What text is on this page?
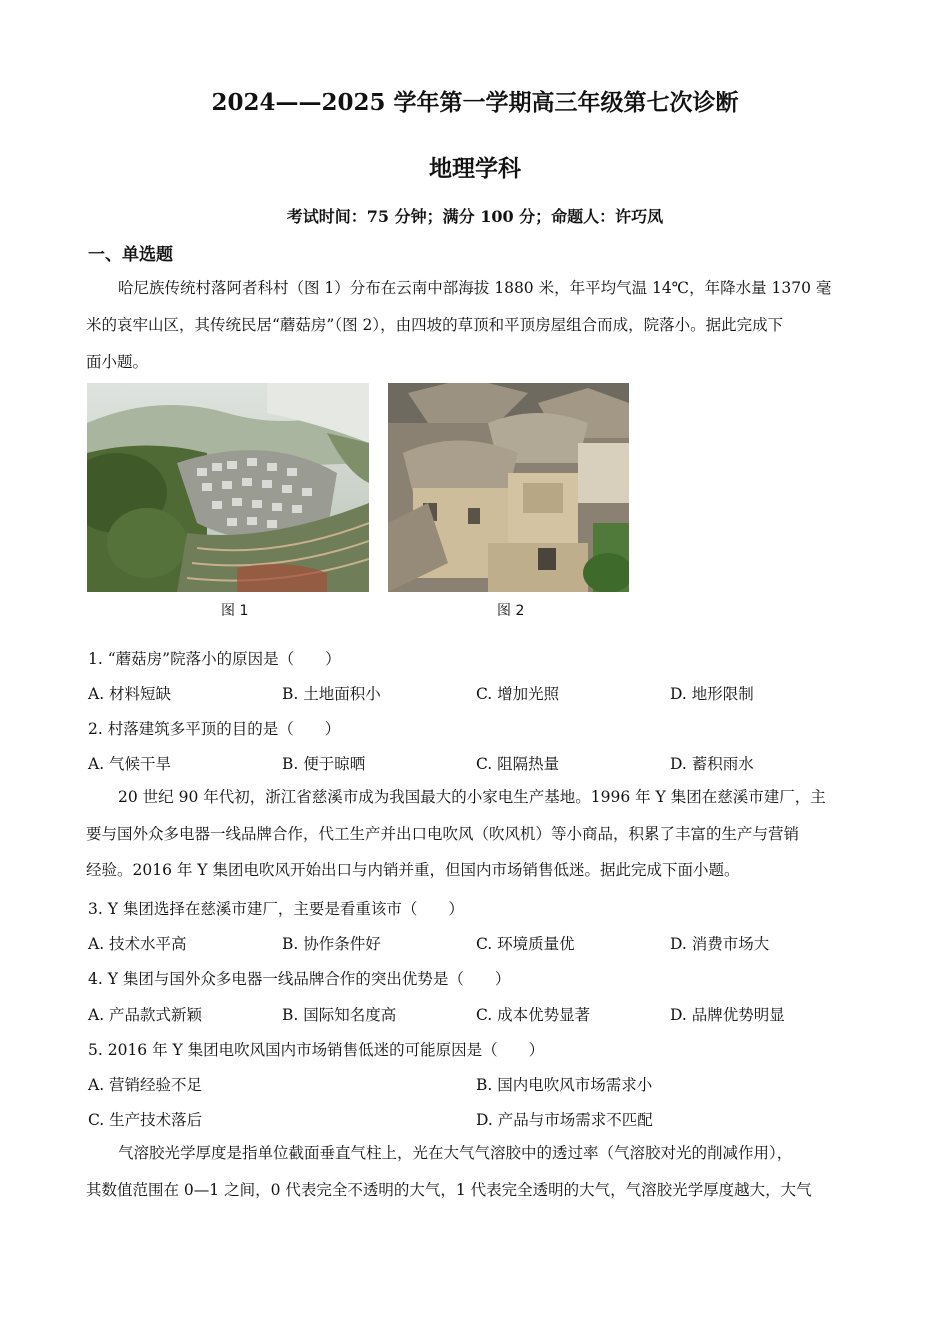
2024——2025 学年第一学期高三年级第七次诊断
地理学科
考试时间：75 分钟；满分 100 分；命题人：许巧凤
一、单选题
哈尼族传统村落阿者科村（图 1）分布在云南中部海拔 1880 米，年平均气温 14℃，年降水量 1370 毫
米的哀牢山区，其传统民居“蘑菇房”（图 2），由四坡的草顶和平顶房屋组合而成，院落小。据此完成下
面小题。
图 1	图 2
1. “蘑菇房”院落小的原因是（　　）
A. 材料短缺	B. 土地面积小	C. 增加光照	D. 地形限制
2. 村落建筑多平顶的目的是（　　）
A. 气候干旱	B. 便于晾晒	C. 阻隔热量	D. 蓄积雨水
20 世纪 90 年代初，浙江省慈溪市成为我国最大的小家电生产基地。1996 年 Y 集团在慈溪市建厂，主
要与国外众多电器一线品牌合作，代工生产并出口电吹风（吹风机）等小商品，积累了丰富的生产与营销
经验。2016 年 Y 集团电吹风开始出口与内销并重，但国内市场销售低迷。据此完成下面小题。
3. Y 集团选择在慈溪市建厂，主要是看重该市（　　）
A. 技术水平高	B. 协作条件好	C. 环境质量优	D. 消费市场大
4. Y 集团与国外众多电器一线品牌合作的突出优势是（　　）
A. 产品款式新颖	B. 国际知名度高	C. 成本优势显著	D. 品牌优势明显
5. 2016 年 Y 集团电吹风国内市场销售低迷的可能原因是（　　）
A. 营销经验不足	B. 国内电吹风市场需求小
C. 生产技术落后	D. 产品与市场需求不匹配
气溶胶光学厚度是指单位截面垂直气柱上，光在大气气溶胶中的透过率（气溶胶对光的削减作用），
其数值范围在 0—1 之间，0 代表完全不透明的大气，1 代表完全透明的大气，气溶胶光学厚度越大，大气
